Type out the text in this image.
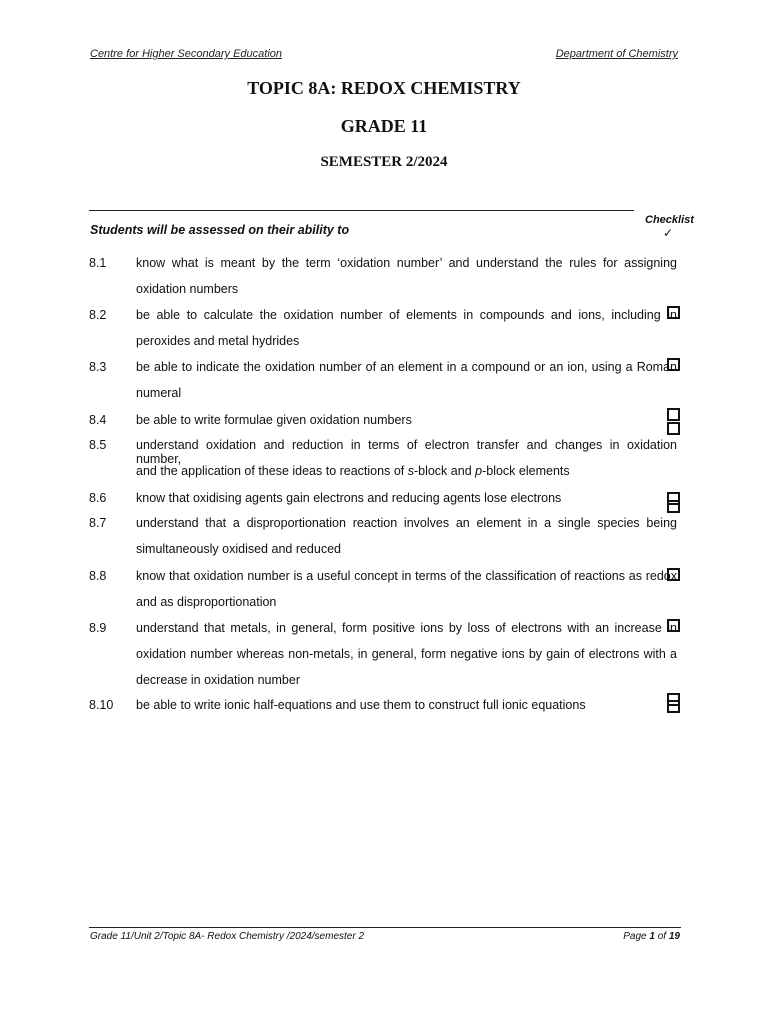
Centre for Higher Secondary Education	Department of Chemistry
TOPIC 8A: REDOX CHEMISTRY
GRADE 11
SEMESTER 2/2024
Students will be assessed on their ability to
Checklist
✓
8.1 know what is meant by the term ‘oxidation number’ and understand the rules for assigning
oxidation numbers
8.2 be able to calculate the oxidation number of elements in compounds and ions, including in
peroxides and metal hydrides
8.3 be able to indicate the oxidation number of an element in a compound or an ion, using a Roman
numeral
8.4 be able to write formulae given oxidation numbers
8.5 understand oxidation and reduction in terms of electron transfer and changes in oxidation number,
and the application of these ideas to reactions of s-block and p-block elements
8.6 know that oxidising agents gain electrons and reducing agents lose electrons
8.7 understand that a disproportionation reaction involves an element in a single species being
simultaneously oxidised and reduced
8.8 know that oxidation number is a useful concept in terms of the classification of reactions as redox
and as disproportionation
8.9 understand that metals, in general, form positive ions by loss of electrons with an increase in
oxidation number whereas non-metals, in general, form negative ions by gain of electrons with a
decrease in oxidation number
8.10 be able to write ionic half-equations and use them to construct full ionic equations
Grade 11/Unit 2/Topic 8A- Redox Chemistry /2024/semester 2	Page 1 of 19
